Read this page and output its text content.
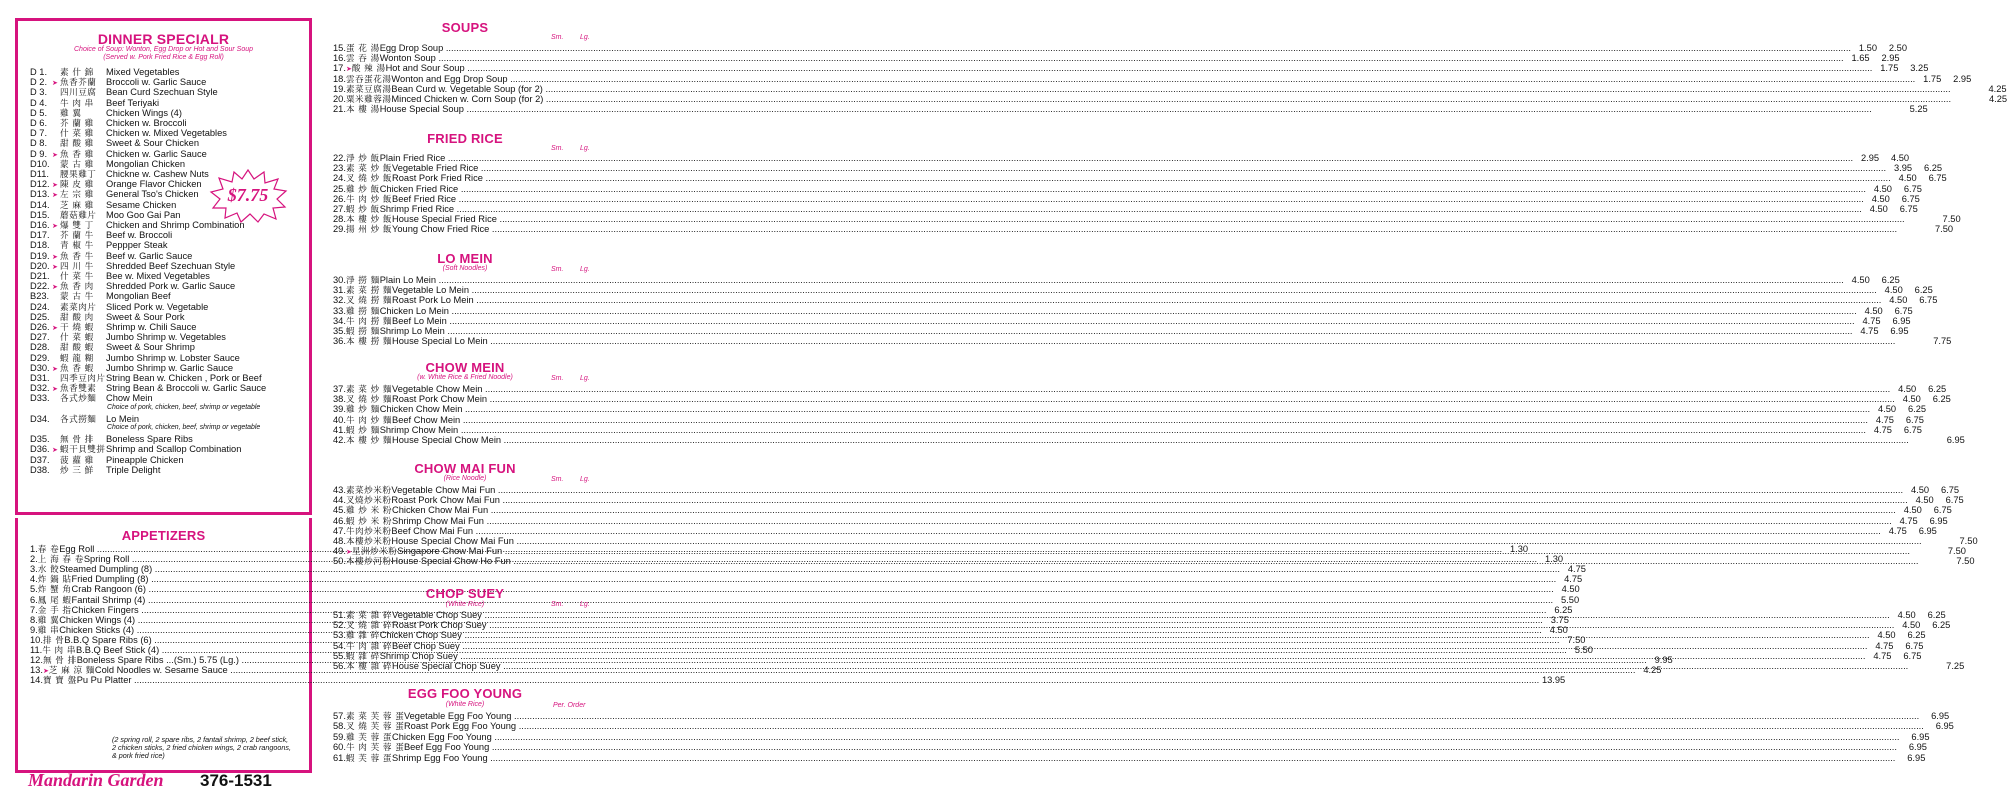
DINNER SPECIALR
Choice of Soup: Wonton, Egg Drop or Hot and Sour Soup
(Served w. Pork Fried Rice & Egg Roll)
D 1.	素 什 錦	Mixed Vegetables
D 2. ➤ 魚香芥蘭	Broccoli w. Garlic Sauce
D 3.	四川豆腐	Bean Curd Szechuan Style
D 4.	牛 肉 串	Beef Teriyaki
D 5.	雞 翼	Chicken Wings (4)
D 6.	芥 蘭 雞	Chicken w. Broccoli
D 7.	什 菜 雞	Chicken w. Mixed Vegetables
D 8.	甜 酸 雞	Sweet & Sour Chicken
D 9. ➤ 魚 香 雞	Chicken w. Garlic Sauce
D10. 蒙 古 雞	Mongolian Chicken
D11.	腰果雞丁	Chickne w. Cashew Nuts
D12. ➤ 陳 皮 雞	Orange Flavor Chicken
D13. ➤ 左 宗 雞	General Tso's Chicken
D14. 芝 麻 雞	Sesame Chicken
D15. 蘑菇雞片	Moo Goo Gai Pan
D16. ➤ 爆 雙 丁	Chicken and Shrimp Combination
D17. 芥 蘭 牛	Beef w. Broccoli
D18. 青 椒 牛	Peppper Steak
D19. ➤ 魚 香 牛	Beef w. Garlic Sauce
D20. ➤ 四 川 牛	Shredded Beef Szechuan Style
D21. 什 菜 牛	Bee w. Mixed Vegetables
D22. ➤ 魚 香 肉	Shredded Pork w. Garlic Sauce
B23.	蒙 古 牛	Mongolian Beef
D24. 素菜肉片	Sliced Pork w. Vegetable
D25. 甜 酸 肉	Sweet & Sour Pork
D26. ➤ 干 燒 蝦	Shrimp w. Chili Sauce
D27. 什 菜 蝦	Jumbo Shrimp w. Vegetables
D28. 甜 酸 蝦	Sweet & Sour Shrimp
D29. 蝦 龍 糊	Jumbo Shrimp w. Lobster Sauce
D30. ➤ 魚 香 蝦	Jumbo Shrimp w. Garlic Sauce
D31. 四季豆肉片 String Bean w. Chicken , Pork or Beef
D32. ➤ 魚香雙素	String Bean & Broccoli w. Garlic Sauce
D33. 各式炒麵	Chow Mein
Choice of pork, chicken, beef, shrimp or vegetable
D34. 各式撈麵	Lo Mein
Choice of pork, chicken, beef, shrimp or vegetable
D35. 無 骨 排	Boneless Spare Ribs
D36. ➤ 蝦干貝雙拼 Shrimp and Scallop Combination
D37. 菠 蘿 雞	Pineapple Chicken
D38. 炒 三 鮮	Triple Delight
$7.75
APPETIZERS
1. 春 卷 Egg Roll .....	1.30
2. 上 海 春 卷 Spring Roll .....	1.30
3. 水 餃 Steamed Dumpling (8) .....	4.75
4. 炸 鍋 貼 Fried Dumpling (8) .....	4.75
5. 炸 蟹 角 Crab Rangoon (6) .....	4.50
6. 鳳 尾 蝦 Fantail Shrimp (4) .....	5.50
7. 金 手 指 Chicken Fingers .....	6.25
8. 雞 翼 Chicken Wings (4) .....	3.75
9. 雞 串 Chicken Sticks (4) .....	4.50
10. 排 骨 B.B.Q Spare Ribs (6) .....	7.50
11. 牛 肉 串 B.B.Q Beef Stick (4) .....	5.50
12. 無 骨 排 Boneless Spare Ribs ...(Sm.) 5.75 (Lg.) .....	9.95
13. ➤ 芝 麻 涼 麵 Cold Noodles w. Sesame Sauce .....	4.25
14. 寶 寶 盤 Pu Pu Platter .....	13.95
(2 spring roll, 2 spare ribs, 2 fantail shrimp, 2 beef stick,
2 chicken sticks, 2 fried chicken wings, 2 crab rangoons,
& pork fried rice)
Mandarin Garden 376-1531
SOUPS
Sm. Lg.
15. 蛋 花 湯 Egg Drop Soup .....	1.50	2.50
16. 雲 吞 湯 Wonton Soup .....	1.65	2.95
17. ➤ 酸 辣 湯 Hot and Sour Soup .....	1.75	3.25
18. 雲吞蛋花湯 Wonton and Egg Drop Soup .....	1.75	2.95
19. 素菜豆腐湯 Bean Curd w. Vegetable Soup (for 2) .....	4.25
20. 粟米雞蓉湯 Minced Chicken w. Corn Soup (for 2) .....	4.25
21. 本 樓 湯 House Special Soup .....	5.25
FRIED RICE
Sm. Lg.
22. 淨 炒 飯 Plain Fried Rice .....	2.95	4.50
23. 素 菜 炒 飯 Vegetable Fried Rice .....	3.95	6.25
24. 叉 燒 炒 飯 Roast Pork Fried Rice .....	4.50	6.75
25. 雞 炒 飯 Chicken Fried Rice .....	4.50	6.75
26. 牛 肉 炒 飯 Beef Fried Rice .....	4.50	6.75
27. 蝦 炒 飯 Shrimp Fried Rice .....	4.50	6.75
28. 本 樓 炒 飯 House Special Fried Rice .....	7.50
29. 揚 州 炒 飯 Young Chow Fried Rice .....	7.50
LO MEIN
(Soft Noodles)	Sm. Lg.
30. 淨 撈 麵 Plain Lo Mein .....	4.50	6.25
31. 素 菜 撈 麵 Vegetable Lo Mein .....	4.50	6.25
32. 叉 燒 撈 麵 Roast Pork Lo Mein .....	4.50	6.75
33. 雞 撈 麵 Chicken Lo Mein .....	4.50	6.75
34. 牛 肉 撈 麵 Beef Lo Mein .....	4.75	6.95
35. 蝦 撈 麵 Shrimp Lo Mein .....	4.75	6.95
36. 本 樓 撈 麵 House Special Lo Mein .....	7.75
CHOW MEIN
(w. White Rice & Fried Noodle)	Sm. Lg.
37. 素 菜 炒 麵 Vegetable Chow Mein .....	4.50	6.25
38. 叉 燒 炒 麵 Roast Pork Chow Mein .....	4.50	6.25
39. 雞 炒 麵 Chicken Chow Mein .....	4.50	6.25
40. 牛 肉 炒 麵 Beef Chow Mein .....	4.75	6.75
41. 蝦 炒 麵 Shrimp Chow Mein .....	4.75	6.75
42. 本 樓 炒 麵 House Special Chow Mein .....	6.95
CHOW MAI FUN
(Rice Noodle)	Sm. Lg.
43. 素菜炒米粉 Vegetable Chow Mai Fun .....	4.50	6.75
44. 叉燒炒米粉 Roast Pork Chow Mai Fun .....	4.50	6.75
45. 雞 炒 米 粉 Chicken Chow Mai Fun .....	4.50	6.75
46. 蝦 炒 米 粉 Shrimp Chow Mai Fun .....	4.75	6.95
47. 牛肉炒米粉 Beef Chow Mai Fun .....	4.75	6.95
48. 本樓炒米粉 House Special Chow Mai Fun .....	7.50
49. ➤ 星洲炒米粉 Singapore Chow Mai Fun .....	7.50
50. 本樓炒河粉 House Special Chow Ho Fun .....	7.50
CHOP SUEY
(White Rice)	Sm. Lg.
51. 素 菜 雜 碎 Vegetable Chop Suey .....	4.50	6.25
52. 叉 燒 雜 碎 Roast Pork Chop Suey .....	4.50	6.25
53. 雞 雜 碎 Chicken Chop Suey .....	4.50	6.25
54. 牛 肉 雜 碎 Beef Chop Suey .....	4.75	6.75
55. 蝦 雜 碎 Shrimp Chop Suey .....	4.75	6.75
56. 本 樓 雜 碎 House Special Chop Suey .....	7.25
EGG FOO YOUNG
(White Rice)	Per. Order
57. 素 菜 芙 蓉 蛋 Vegetable Egg Foo Young .....	6.95
58. 叉 燒 芙 蓉 蛋 Roast Pork Egg Foo Young .....	6.95
59. 雞 芙 蓉 蛋 Chicken Egg Foo Young .....	6.95
60. 牛 肉 芙 蓉 蛋 Beef Egg Foo Young .....	6.95
61. 蝦 芙 蓉 蛋 Shrimp Egg Foo Young .....	6.95
